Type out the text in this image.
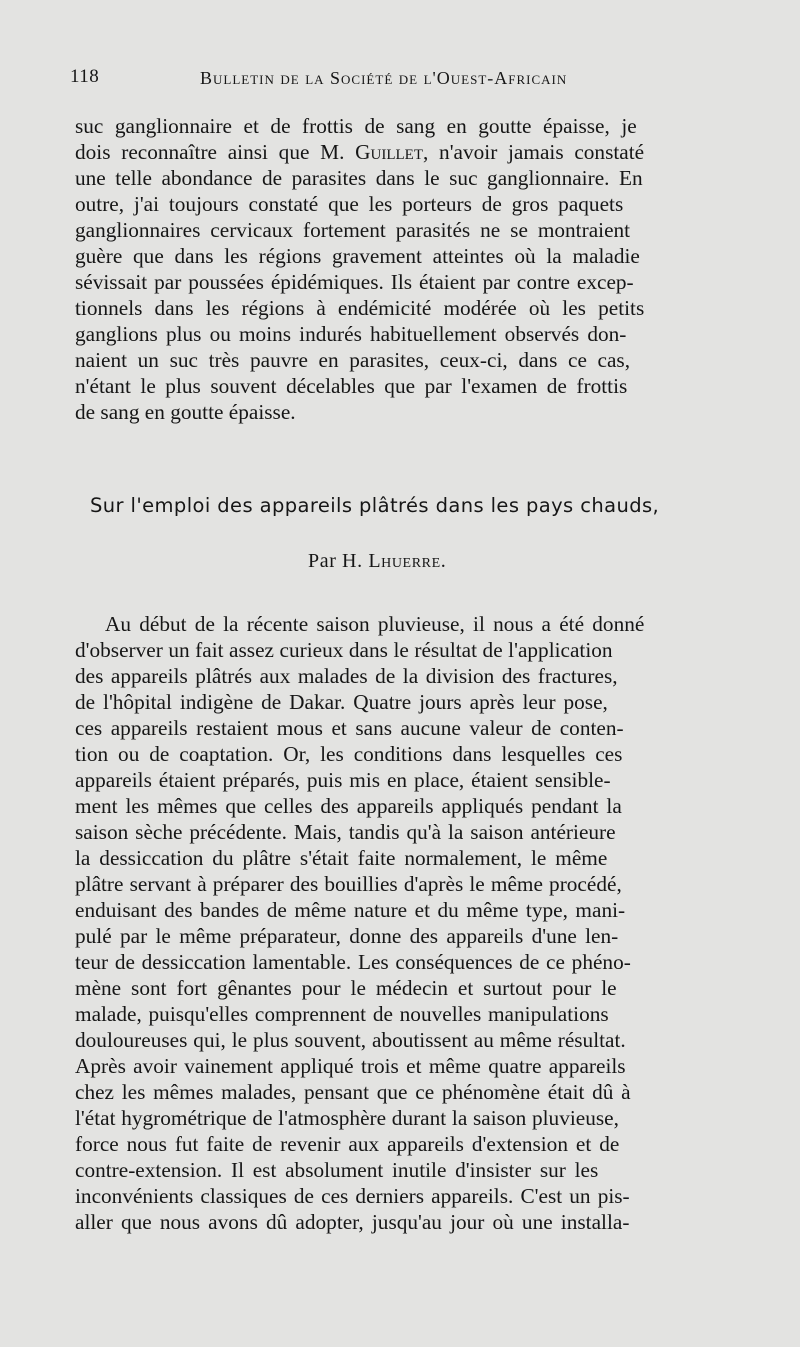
118	Bulletin de la Société de l'Ouest-Africain
suc ganglionnaire et de frottis de sang en goutte épaisse, je
dois reconnaître ainsi que M. Guillet, n'avoir jamais constaté
une telle abondance de parasites dans le suc ganglionnaire. En
outre, j'ai toujours constaté que les porteurs de gros paquets
ganglionnaires cervicaux fortement parasités ne se montraient
guère que dans les régions gravement atteintes où la maladie
sévissait par poussées épidémiques. Ils étaient par contre excep-
tionnels dans les régions à endémicité modérée où les petits
ganglions plus ou moins indurés habituellement observés don-
naient un suc très pauvre en parasites, ceux-ci, dans ce cas,
n'étant le plus souvent décelables que par l'examen de frottis
de sang en goutte épaisse.
Sur l'emploi des appareils plâtrés dans les pays chauds,
Par H. Lhuerre.
Au début de la récente saison pluvieuse, il nous a été donné
d'observer un fait assez curieux dans le résultat de l'application
des appareils plâtrés aux malades de la division des fractures,
de l'hôpital indigène de Dakar. Quatre jours après leur pose,
ces appareils restaient mous et sans aucune valeur de conten-
tion ou de coaptation. Or, les conditions dans lesquelles ces
appareils étaient préparés, puis mis en place, étaient sensible-
ment les mêmes que celles des appareils appliqués pendant la
saison sèche précédente. Mais, tandis qu'à la saison antérieure
la dessiccation du plâtre s'était faite normalement, le même
plâtre servant à préparer des bouillies d'après le même procédé,
enduisant des bandes de même nature et du même type, mani-
pulé par le même préparateur, donne des appareils d'une len-
teur de dessiccation lamentable. Les conséquences de ce phéno-
mène sont fort gênantes pour le médecin et surtout pour le
malade, puisqu'elles comprennent de nouvelles manipulations
douloureuses qui, le plus souvent, aboutissent au même résultat.
Après avoir vainement appliqué trois et même quatre appareils
chez les mêmes malades, pensant que ce phénomène était dû à
l'état hygrométrique de l'atmosphère durant la saison pluvieuse,
force nous fut faite de revenir aux appareils d'extension et de
contre-extension. Il est absolument inutile d'insister sur les
inconvénients classiques de ces derniers appareils. C'est un pis-
aller que nous avons dû adopter, jusqu'au jour où une installa-
